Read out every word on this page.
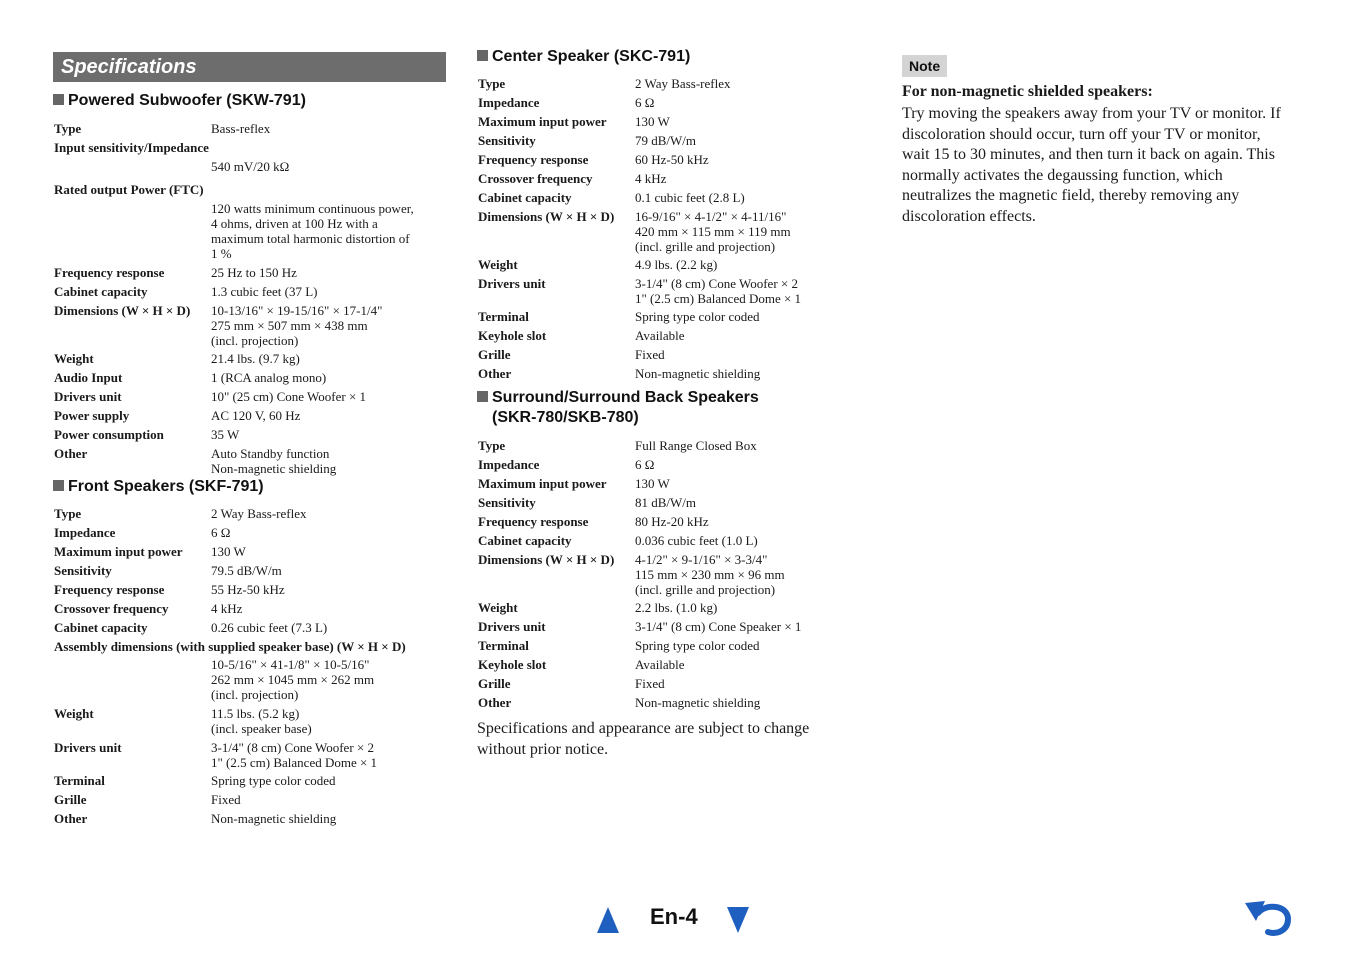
Specifications
Powered Subwoofer (SKW-791)
Type	Bass-reflex
Input sensitivity/Impedance
540 mV/20 kΩ
Rated output Power (FTC)
120 watts minimum continuous power,
4 ohms, driven at 100 Hz with a
maximum total harmonic distortion of
1 %
Frequency response	25 Hz to 150 Hz
Cabinet capacity	1.3 cubic feet (37 L)
Dimensions (W × H × D)	10-13/16" × 19-15/16" × 17-1/4"
275 mm × 507 mm × 438 mm
(incl. projection)
Weight	21.4 lbs. (9.7 kg)
Audio Input	1 (RCA analog mono)
Drivers unit	10" (25 cm) Cone Woofer × 1
Power supply	AC 120 V, 60 Hz
Power consumption	35 W
Other	Auto Standby function
Non-magnetic shielding
Front Speakers (SKF-791)
Type	2 Way Bass-reflex
Impedance	6 Ω
Maximum input power	130 W
Sensitivity	79.5 dB/W/m
Frequency response	55 Hz-50 kHz
Crossover frequency	4 kHz
Cabinet capacity	0.26 cubic feet (7.3 L)
Assembly dimensions (with supplied speaker base) (W × H × D)
10-5/16" × 41-1/8" × 10-5/16"
262 mm × 1045 mm × 262 mm
(incl. projection)
Weight	11.5 lbs. (5.2 kg)
(incl. speaker base)
Drivers unit	3-1/4" (8 cm) Cone Woofer × 2
1" (2.5 cm) Balanced Dome × 1
Terminal	Spring type color coded
Grille	Fixed
Other	Non-magnetic shielding
Center Speaker (SKC-791)
Type	2 Way Bass-reflex
Impedance	6 Ω
Maximum input power	130 W
Sensitivity	79 dB/W/m
Frequency response	60 Hz-50 kHz
Crossover frequency	4 kHz
Cabinet capacity	0.1 cubic feet (2.8 L)
Dimensions (W × H × D)	16-9/16" × 4-1/2" × 4-11/16"
420 mm × 115 mm × 119 mm
(incl. grille and projection)
Weight	4.9 lbs. (2.2 kg)
Drivers unit	3-1/4" (8 cm) Cone Woofer × 2
1" (2.5 cm) Balanced Dome × 1
Terminal	Spring type color coded
Keyhole slot	Available
Grille	Fixed
Other	Non-magnetic shielding
Surround/Surround Back Speakers
(SKR-780/SKB-780)
Type	Full Range Closed Box
Impedance	6 Ω
Maximum input power	130 W
Sensitivity	81 dB/W/m
Frequency response	80 Hz-20 kHz
Cabinet capacity	0.036 cubic feet (1.0 L)
Dimensions (W × H × D)	4-1/2" × 9-1/16" × 3-3/4"
115 mm × 230 mm × 96 mm
(incl. grille and projection)
Weight	2.2 lbs. (1.0 kg)
Drivers unit	3-1/4" (8 cm) Cone Speaker × 1
Terminal	Spring type color coded
Keyhole slot	Available
Grille	Fixed
Other	Non-magnetic shielding
Specifications and appearance are subject to change
without prior notice.
Note
For non-magnetic shielded speakers:
Try moving the speakers away from your TV or monitor. If
discoloration should occur, turn off your TV or monitor,
wait 15 to 30 minutes, and then turn it back on again. This
normally activates the degaussing function, which
neutralizes the magnetic field, thereby removing any
discoloration effects.
En-4
